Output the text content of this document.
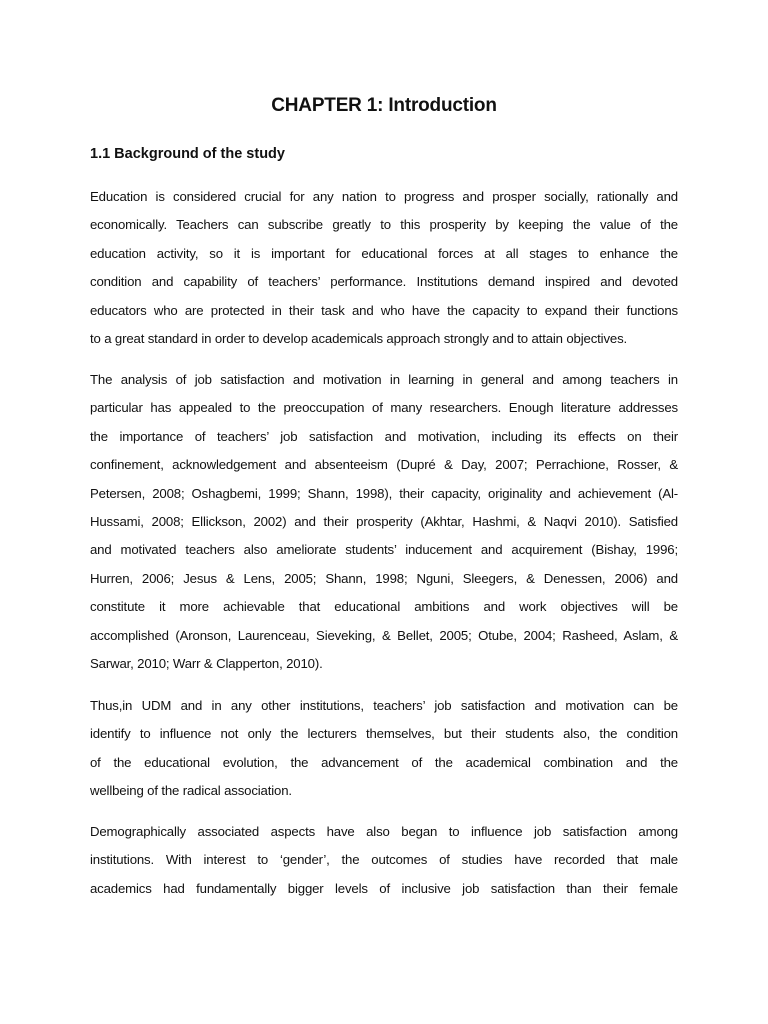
CHAPTER 1: Introduction
1.1 Background of the study
Education is considered crucial for any nation to progress and prosper socially, rationally and
economically. Teachers can subscribe greatly to this prosperity by keeping the value of the
education activity, so it is important for educational forces at all stages to enhance the
condition and capability of teachers’ performance. Institutions demand inspired and devoted
educators who are protected in their task and who have the capacity to expand their functions
to a great standard in order to develop academicals approach strongly and to attain objectives.
The analysis of job satisfaction and motivation in learning in general and among teachers in
particular has appealed to the preoccupation of many researchers. Enough literature addresses
the importance of teachers’ job satisfaction and motivation, including its effects on their
confinement, acknowledgement and absenteeism (Dupré & Day, 2007; Perrachione, Rosser, &
Petersen, 2008; Oshagbemi, 1999; Shann, 1998), their capacity, originality and achievement (Al-
Hussami, 2008; Ellickson, 2002) and their prosperity (Akhtar, Hashmi, & Naqvi 2010). Satisfied
and motivated teachers also ameliorate students’ inducement and acquirement (Bishay, 1996;
Hurren, 2006; Jesus & Lens, 2005; Shann, 1998; Nguni, Sleegers, & Denessen, 2006) and
constitute it more achievable that educational ambitions and work objectives will be
accomplished (Aronson, Laurenceau, Sieveking, & Bellet, 2005; Otube, 2004; Rasheed, Aslam, &
Sarwar, 2010; Warr & Clapperton, 2010).
Thus,in UDM and in any other institutions, teachers’ job satisfaction and motivation can be
identify to influence not only the lecturers themselves, but their students also, the condition
of the educational evolution, the advancement of the academical combination and the
wellbeing of the radical association.
Demographically associated aspects have also began to influence job satisfaction among
institutions. With interest to ‘gender’, the outcomes of studies have recorded that male
academics had fundamentally bigger levels of inclusive job satisfaction than their female
